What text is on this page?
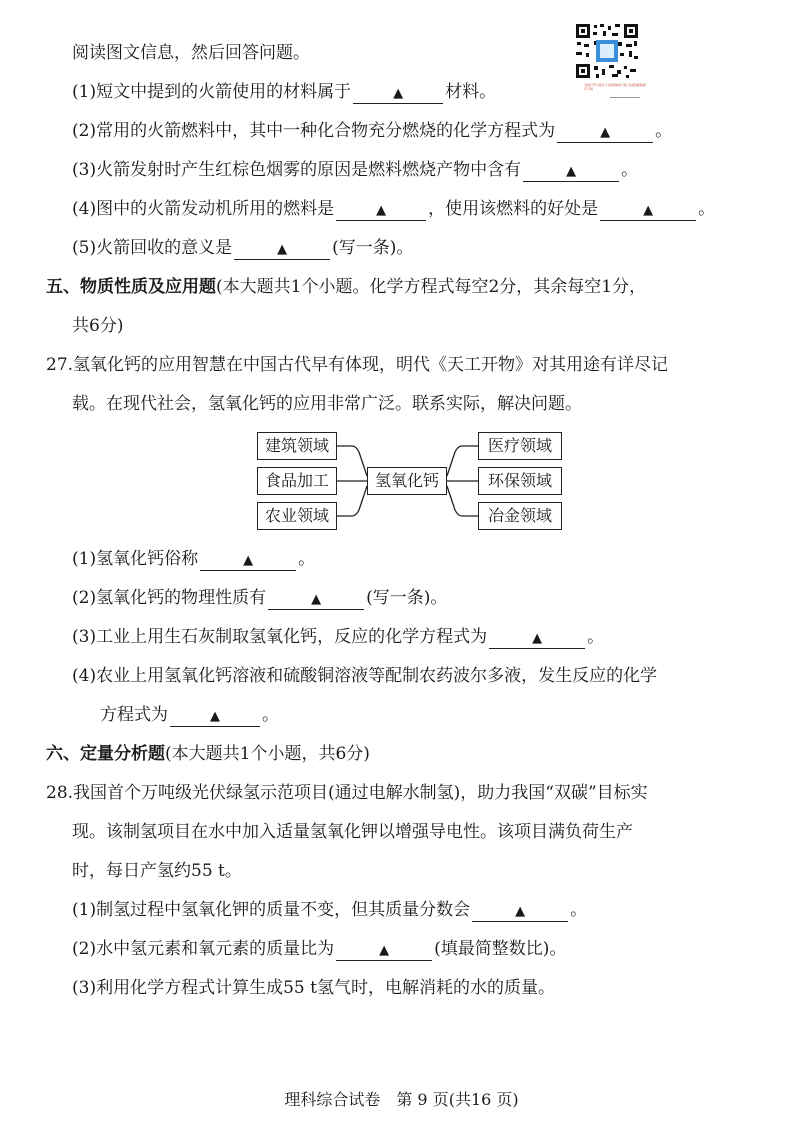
阅读图文信息，然后回答问题。
点我打开小程序 扫码领取电子版 发送到邮箱即可下载
(1)短文中提到的火箭使用的材料属于	▲ 材料。
(2)常用的火箭燃料中，其中一种化合物充分燃烧的化学方程式为	▲	。
(3)火箭发射时产生红棕色烟雾的原因是燃料燃烧产物中含有	▲	。
(4)图中的火箭发动机所用的燃料是	▲ ，使用该燃料的好处是	▲	。
(5)火箭回收的意义是	▲	(写一条)。
五、物质性质及应用题(本大题共1个小题。化学方程式每空2分，其余每空1分，
共6分)
27.氢氧化钙的应用智慧在中国古代早有体现，明代《天工开物》对其用途有详尽记
载。在现代社会，氢氧化钙的应用非常广泛。联系实际，解决问题。
建筑领域
食品加工
农业领域
氢氧化钙
医疗领域
环保领域
冶金领域
(1)氢氧化钙俗称	▲	。
(2)氢氧化钙的物理性质有	▲	(写一条)。
(3)工业上用生石灰制取氢氧化钙，反应的化学方程式为	▲	。
(4)农业上用氢氧化钙溶液和硫酸铜溶液等配制农药波尔多液，发生反应的化学
方程式为	▲ 。
六、定量分析题(本大题共1个小题，共6分)
28.我国首个万吨级光伏绿氢示范项目(通过电解水制氢)，助力我国“双碳”目标实
现。该制氢项目在水中加入适量氢氧化钾以增强导电性。该项目满负荷生产
时，每日产氢约55 t。
(1)制氢过程中氢氧化钾的质量不变，但其质量分数会	▲	。
(2)水中氢元素和氧元素的质量比为	▲	(填最简整数比)。
(3)利用化学方程式计算生成55 t氢气时，电解消耗的水的质量。
理科综合试卷　第 9 页(共16 页)
